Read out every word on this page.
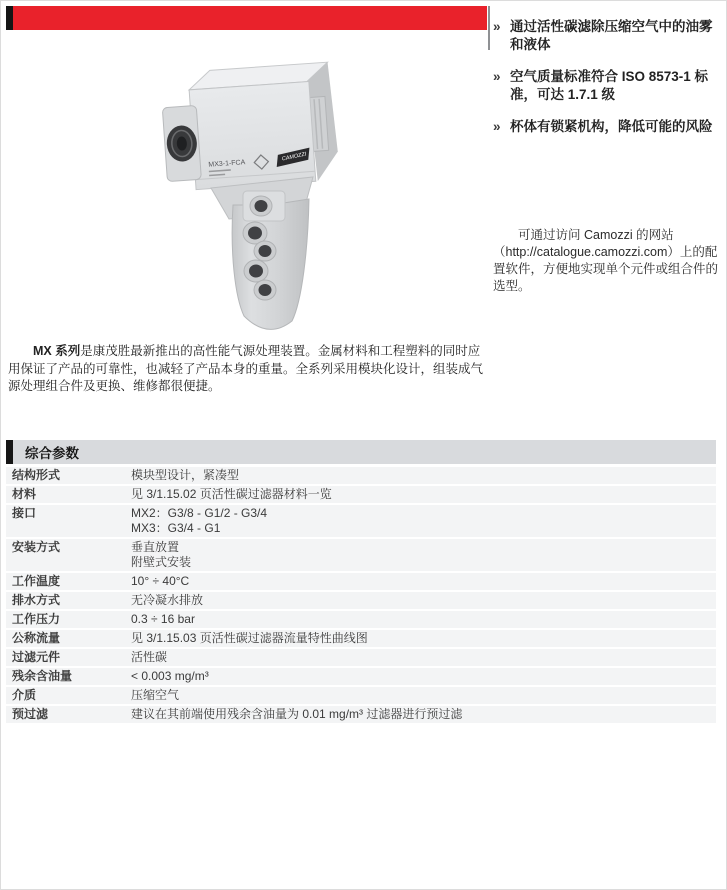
» 通过活性碳滤除压缩空气中的油雾和液体
» 空气质量标准符合 ISO 8573-1 标准，可达 1.7.1 级
» 杯体有锁紧机构，降低可能的风险

可通过访问 Camozzi 的网站（http://catalogue.camozzi.com）上的配置软件，方便地实现单个元件或组合件的选型。

MX3-1-FCA
CAMOZZI

MX 系列是康茂胜最新推出的高性能气源处理装置。金属材料和工程塑料的同时应用保证了产品的可靠性，也减轻了产品本身的重量。全系列采用模块化设计，组装成气源处理组合件及更换、维修都很便捷。

综合参数
结构形式	模块型设计，紧凑型
材料	见 3/1.15.02 页活性碳过滤器材料一览
接口	MX2：G3/8 - G1/2 - G3/4
MX3：G3/4 - G1
安装方式	垂直放置
附壁式安装
工作温度	10° ÷ 40°C
排水方式	无冷凝水排放
工作压力	0.3 ÷ 16 bar
公称流量	见 3/1.15.03 页活性碳过滤器流量特性曲线图
过滤元件	活性碳
残余含油量	< 0.003 mg/m³
介质	压缩空气
预过滤	建议在其前端使用残余含油量为 0.01 mg/m³ 过滤器进行预过滤
